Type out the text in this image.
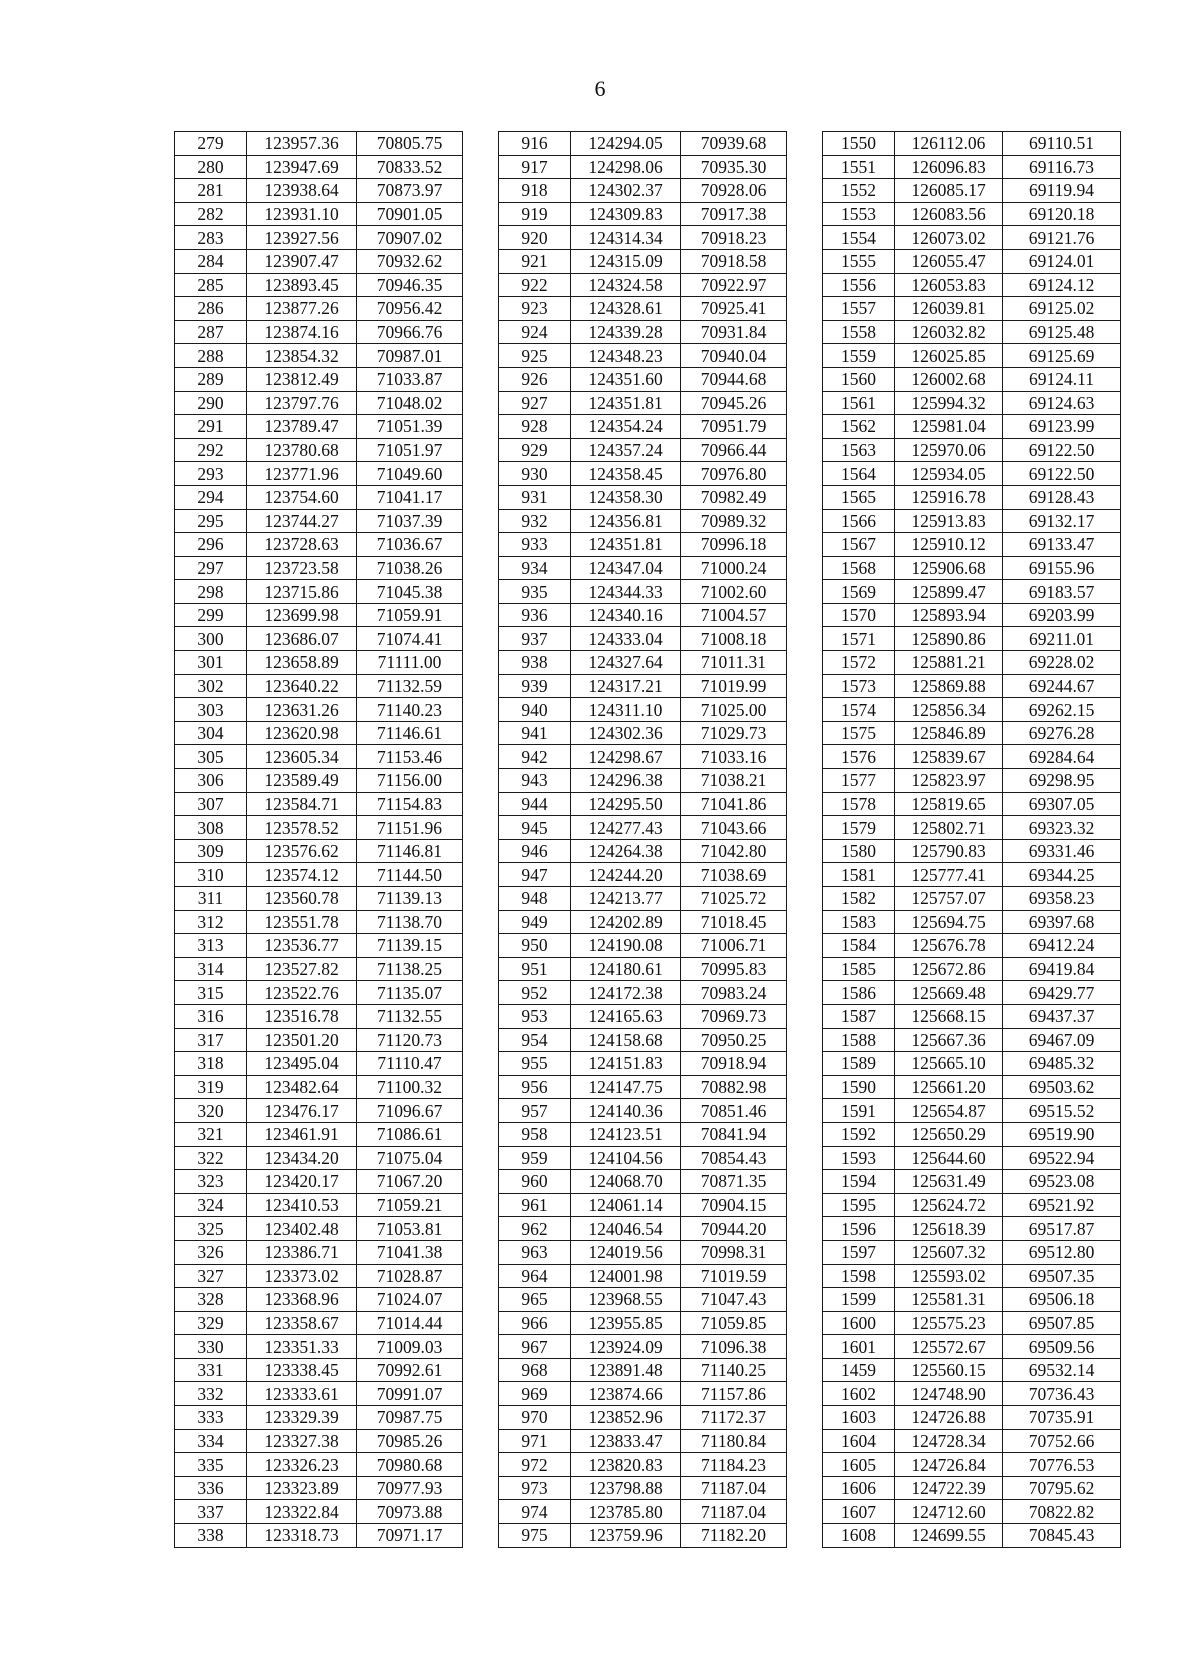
6
279	123957.36	70805.75		916	124294.05	70939.68		1550	126112.06	69110.51
280	123947.69	70833.52		917	124298.06	70935.30		1551	126096.83	69116.73
281	123938.64	70873.97		918	124302.37	70928.06		1552	126085.17	69119.94
282	123931.10	70901.05		919	124309.83	70917.38		1553	126083.56	69120.18
283	123927.56	70907.02		920	124314.34	70918.23		1554	126073.02	69121.76
284	123907.47	70932.62		921	124315.09	70918.58		1555	126055.47	69124.01
285	123893.45	70946.35		922	124324.58	70922.97		1556	126053.83	69124.12
286	123877.26	70956.42		923	124328.61	70925.41		1557	126039.81	69125.02
287	123874.16	70966.76		924	124339.28	70931.84		1558	126032.82	69125.48
288	123854.32	70987.01		925	124348.23	70940.04		1559	126025.85	69125.69
289	123812.49	71033.87		926	124351.60	70944.68		1560	126002.68	69124.11
290	123797.76	71048.02		927	124351.81	70945.26		1561	125994.32	69124.63
291	123789.47	71051.39		928	124354.24	70951.79		1562	125981.04	69123.99
292	123780.68	71051.97		929	124357.24	70966.44		1563	125970.06	69122.50
293	123771.96	71049.60		930	124358.45	70976.80		1564	125934.05	69122.50
294	123754.60	71041.17		931	124358.30	70982.49		1565	125916.78	69128.43
295	123744.27	71037.39		932	124356.81	70989.32		1566	125913.83	69132.17
296	123728.63	71036.67		933	124351.81	70996.18		1567	125910.12	69133.47
297	123723.58	71038.26		934	124347.04	71000.24		1568	125906.68	69155.96
298	123715.86	71045.38		935	124344.33	71002.60		1569	125899.47	69183.57
299	123699.98	71059.91		936	124340.16	71004.57		1570	125893.94	69203.99
300	123686.07	71074.41		937	124333.04	71008.18		1571	125890.86	69211.01
301	123658.89	71111.00		938	124327.64	71011.31		1572	125881.21	69228.02
302	123640.22	71132.59		939	124317.21	71019.99		1573	125869.88	69244.67
303	123631.26	71140.23		940	124311.10	71025.00		1574	125856.34	69262.15
304	123620.98	71146.61		941	124302.36	71029.73		1575	125846.89	69276.28
305	123605.34	71153.46		942	124298.67	71033.16		1576	125839.67	69284.64
306	123589.49	71156.00		943	124296.38	71038.21		1577	125823.97	69298.95
307	123584.71	71154.83		944	124295.50	71041.86		1578	125819.65	69307.05
308	123578.52	71151.96		945	124277.43	71043.66		1579	125802.71	69323.32
309	123576.62	71146.81		946	124264.38	71042.80		1580	125790.83	69331.46
310	123574.12	71144.50		947	124244.20	71038.69		1581	125777.41	69344.25
311	123560.78	71139.13		948	124213.77	71025.72		1582	125757.07	69358.23
312	123551.78	71138.70		949	124202.89	71018.45		1583	125694.75	69397.68
313	123536.77	71139.15		950	124190.08	71006.71		1584	125676.78	69412.24
314	123527.82	71138.25		951	124180.61	70995.83		1585	125672.86	69419.84
315	123522.76	71135.07		952	124172.38	70983.24		1586	125669.48	69429.77
316	123516.78	71132.55		953	124165.63	70969.73		1587	125668.15	69437.37
317	123501.20	71120.73		954	124158.68	70950.25		1588	125667.36	69467.09
318	123495.04	71110.47		955	124151.83	70918.94		1589	125665.10	69485.32
319	123482.64	71100.32		956	124147.75	70882.98		1590	125661.20	69503.62
320	123476.17	71096.67		957	124140.36	70851.46		1591	125654.87	69515.52
321	123461.91	71086.61		958	124123.51	70841.94		1592	125650.29	69519.90
322	123434.20	71075.04		959	124104.56	70854.43		1593	125644.60	69522.94
323	123420.17	71067.20		960	124068.70	70871.35		1594	125631.49	69523.08
324	123410.53	71059.21		961	124061.14	70904.15		1595	125624.72	69521.92
325	123402.48	71053.81		962	124046.54	70944.20		1596	125618.39	69517.87
326	123386.71	71041.38		963	124019.56	70998.31		1597	125607.32	69512.80
327	123373.02	71028.87		964	124001.98	71019.59		1598	125593.02	69507.35
328	123368.96	71024.07		965	123968.55	71047.43		1599	125581.31	69506.18
329	123358.67	71014.44		966	123955.85	71059.85		1600	125575.23	69507.85
330	123351.33	71009.03		967	123924.09	71096.38		1601	125572.67	69509.56
331	123338.45	70992.61		968	123891.48	71140.25		1459	125560.15	69532.14
332	123333.61	70991.07		969	123874.66	71157.86		1602	124748.90	70736.43
333	123329.39	70987.75		970	123852.96	71172.37		1603	124726.88	70735.91
334	123327.38	70985.26		971	123833.47	71180.84		1604	124728.34	70752.66
335	123326.23	70980.68		972	123820.83	71184.23		1605	124726.84	70776.53
336	123323.89	70977.93		973	123798.88	71187.04		1606	124722.39	70795.62
337	123322.84	70973.88		974	123785.80	71187.04		1607	124712.60	70822.82
338	123318.73	70971.17		975	123759.96	71182.20		1608	124699.55	70845.43
